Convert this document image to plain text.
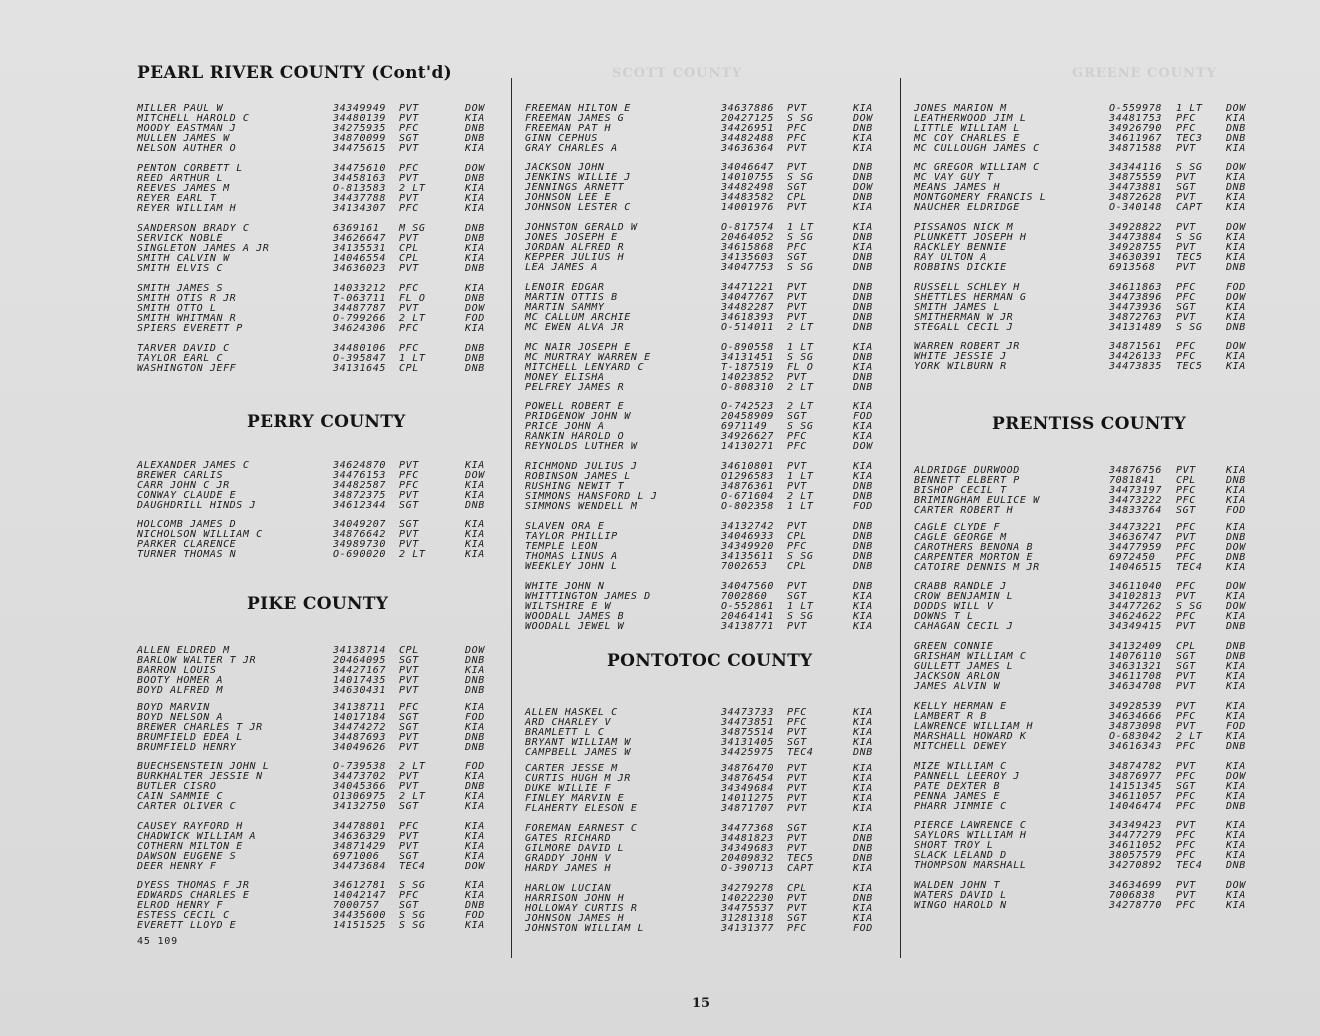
SCOTT COUNTY	GREENE COUNTY
PEARL RIVER COUNTY (Cont'd)
MILLER PAUL W	34349949 PVT	DOW
MITCHELL HAROLD C	34480139 PVT	KIA
MOODY EASTMAN J	34275935 PFC	DNB
MULLEN JAMES W	34870099 SGT	DNB
NELSON AUTHER O	34475615 PVT	KIA
PENTON CORBETT L	34475610 PFC	DOW
REED ARTHUR L	34458163 PVT	DNB
REEVES JAMES M	O-813583 2 LT	KIA
REYER EARL T	34437788 PVT	KIA
REYER WILLIAM H	34134307 PFC	KIA
SANDERSON BRADY C	6369161 M SG	DNB
SERVICK NOBLE	34626647 PVT	DNB
SINGLETON JAMES A JR	34135531 CPL	KIA
SMITH CALVIN W	14046554 CPL	KIA
SMITH ELVIS C	34636023 PVT	DNB
SMITH JAMES S	14033212 PFC	KIA
SMITH OTIS R JR	T-063711 FL O	DNB
SMITH OTTO L	34487787 PVT	DOW
SMITH WHITMAN R	O-799266 2 LT	FOD
SPIERS EVERETT P	34624306 PFC	KIA
TARVER DAVID C	34480106 PFC	DNB
TAYLOR EARL C	O-395847 1 LT	DNB
WASHINGTON JEFF	34131645 CPL	DNB
PERRY COUNTY
ALEXANDER JAMES C	34624870 PVT	KIA
BREWER CARLIS	34476153 PFC	DOW
CARR JOHN C JR	34482587 PFC	KIA
CONWAY CLAUDE E	34872375 PVT	KIA
DAUGHDRILL HINDS J	34612344 SGT	DNB
HOLCOMB JAMES D	34049207 SGT	KIA
NICHOLSON WILLIAM C	34876642 PVT	KIA
PARKER CLARENCE	34989730 PVT	KIA
TURNER THOMAS N	O-690020 2 LT	KIA
PIKE COUNTY
ALLEN ELDRED M	34138714 CPL	DOW
BARLOW WALTER T JR	20464095 SGT	DNB
BARRON LOUIS	34427167 PVT	KIA
BOOTY HOMER A	14017435 PVT	DNB
BOYD ALFRED M	34630431 PVT	DNB
BOYD MARVIN	34138711 PFC	KIA
BOYD NELSON A	14017184 SGT	FOD
BREWER CHARLES T JR	34474272 SGT	KIA
BRUMFIELD EDEA L	34487693 PVT	DNB
BRUMFIELD HENRY	34049626 PVT	DNB
BUECHSENSTEIN JOHN L	O-739538 2 LT	FOD
BURKHALTER JESSIE N	34473702 PVT	KIA
BUTLER CISRO	34045366 PVT	DNB
CAIN SAMMIE C	O1306975 2 LT	KIA
CARTER OLIVER C	34132750 SGT	KIA
CAUSEY RAYFORD H	34478801 PFC	KIA
CHADWICK WILLIAM A	34636329 PVT	KIA
COTHERN MILTON E	34871429 PVT	KIA
DAWSON EUGENE S	6971006 SGT	KIA
DEER HENRY F	34473684 TEC4	DOW
DYESS THOMAS F JR	34612781 S SG	KIA
EDWARDS CHARLES E	14042147 PFC	KIA
ELROD HENRY F	7000757 SGT	DNB
ESTESS CECIL C	34435600 S SG	FOD
EVERETT LLOYD E	14151525 S SG	KIA
FREEMAN HILTON E	34637886 PVT	KIA
FREEMAN JAMES G	20427125 S SG	DOW
FREEMAN PAT H	34426951 PFC	DNB
GINN CEPHUS	34482488 PFC	KIA
GRAY CHARLES A	34636364 PVT	KIA
JACKSON JOHN	34046647 PVT	DNB
JENKINS WILLIE J	14010755 S SG	DNB
JENNINGS ARNETT	34482498 SGT	DOW
JOHNSON LEE E	34483582 CPL	DNB
JOHNSON LESTER C	14001976 PVT	KIA
JOHNSTON GERALD W	O-817574 1 LT	KIA
JONES JOSEPH E	20464052 S SG	DNB
JORDAN ALFRED R	34615868 PFC	KIA
KEPPER JULIUS H	34135603 SGT	DNB
LEA JAMES A	34047753 S SG	DNB
LENOIR EDGAR	34471221 PVT	DNB
MARTIN OTTIS B	34047767 PVT	DNB
MARTIN SAMMY	34482287 PVT	DNB
MC CALLUM ARCHIE	34618393 PVT	DNB
MC EWEN ALVA JR	O-514011 2 LT	DNB
MC NAIR JOSEPH E	O-890558 1 LT	KIA
MC MURTRAY WARREN E	34131451 S SG	DNB
MITCHELL LENYARD C	T-187519 FL O	KIA
MONEY ELISHA	14023852 PVT	DNB
PELFREY JAMES R	O-808310 2 LT	DNB
POWELL ROBERT E	O-742523 2 LT	KIA
PRIDGENOW JOHN W	20458909 SGT	FOD
PRICE JOHN A	6971149 S SG	KIA
RANKIN HAROLD O	34926627 PFC	KIA
REYNOLDS LUTHER W	14130271 PFC	DOW
RICHMOND JULIUS J	34610801 PVT	KIA
ROBINSON JAMES L	O1296583 1 LT	KIA
RUSHING NEWIT T	34876361 PVT	DNB
SIMMONS HANSFORD L J	O-671604 2 LT	DNB
SIMMONS WENDELL M	O-802358 1 LT	FOD
SLAVEN ORA E	34132742 PVT	DNB
TAYLOR PHILLIP	34046933 CPL	DNB
TEMPLE LEON	34349920 PFC	DNB
THOMAS LINUS A	34135611 S SG	DNB
WEEKLEY JOHN L	7002653 CPL	DNB
WHITE JOHN N	34047560 PVT	DNB
WHITTINGTON JAMES D	7002860 SGT	KIA
WILTSHIRE E W	O-552861 1 LT	KIA
WOODALL JAMES B	20464141 S SG	KIA
WOODALL JEWEL W	34138771 PVT	KIA
PONTOTOC COUNTY
ALLEN HASKEL C	34473733 PFC	KIA
ARD CHARLEY V	34473851 PFC	KIA
BRAMLETT L C	34875514 PVT	KIA
BRYANT WILLIAM W	34131405 SGT	KIA
CAMPBELL JAMES W	34425975 TEC4	DNB
CARTER JESSE M	34876470 PVT	KIA
CURTIS HUGH M JR	34876454 PVT	KIA
DUKE WILLIE F	34349684 PVT	KIA
FINLEY MARVIN E	14011275 PVT	KIA
FLAHERTY ELESON E	34871707 PVT	KIA
FOREMAN EARNEST C	34477368 SGT	KIA
GATES RICHARD	34481823 PVT	DNB
GILMORE DAVID L	34349683 PVT	DNB
GRADDY JOHN V	20409832 TEC5	DNB
HARDY JAMES H	O-390713 CAPT	KIA
HARLOW LUCIAN	34279278 CPL	KIA
HARRISON JOHN H	14022230 PVT	DNB
HOLLOWAY CURTIS R	34475537 PVT	KIA
JOHNSON JAMES H	31281318 SGT	KIA
JOHNSTON WILLIAM L	34131377 PFC	FOD
JONES MARION M	O-559978 1 LT DOW
LEATHERWOOD JIM L	34481753 PFC	KIA
LITTLE WILLIAM L	34926790 PFC	DNB
MC COY CHARLES E	34611967 TEC3 DNB
MC CULLOUGH JAMES C	34871588 PVT	KIA
MC GREGOR WILLIAM C	34344116 S SG DOW
MC VAY GUY T	34875559 PVT	KIA
MEANS JAMES H	34473881 SGT	DNB
MONTGOMERY FRANCIS L	34872628 PVT	KIA
NAUCHER ELDRIDGE	O-340148 CAPT KIA
PISSANOS NICK M	34928822 PVT	DOW
PLUNKETT JOSEPH H	34473884 S SG KIA
RACKLEY BENNIE	34928755 PVT	KIA
RAY ULTON A	34630391 TEC5 KIA
ROBBINS DICKIE	6913568 PVT	DNB
RUSSELL SCHLEY H	34611863 PFC	FOD
SHETTLES HERMAN G	34473896 PFC	DOW
SMITH JAMES L	34473936 SGT	KIA
SMITHERMAN W JR	34872763 PVT	KIA
STEGALL CECIL J	34131489 S SG DNB
WARREN ROBERT JR	34871561 PFC	DOW
WHITE JESSIE J	34426133 PFC	KIA
YORK WILBURN R	34473835 TEC5 KIA
PRENTISS COUNTY
ALDRIDGE DURWOOD	34876756 PVT	KIA
BENNETT ELBERT P	7081841 CPL	DNB
BISHOP CECIL T	34473197 PFC	KIA
BRIMINGHAM EULICE W	34473222 PFC	KIA
CARTER ROBERT H	34833764 SGT	FOD
CAGLE CLYDE F	34473221 PFC	KIA
CAGLE GEORGE M	34636747 PVT	DNB
CAROTHERS BENONA B	34477959 PFC	DOW
CARPENTER MORTON E	6972450 PFC	DNB
CATOIRE DENNIS M JR	14046515 TEC4 KIA
CRABB RANDLE J	34611040 PFC	DOW
CROW BENJAMIN L	34102813 PVT	KIA
DODDS WILL V	34477262 S SG DOW
DOWNS T L	34624622 PFC	KIA
CAHAGAN CECIL J	34349415 PVT	DNB
GREEN CONNIE	34132409 CPL	DNB
GRISHAM WILLIAM C	14076110 SGT	DNB
GULLETT JAMES L	34631321 SGT	KIA
JACKSON ARLON	34611708 PVT	KIA
JAMES ALVIN W	34634708 PVT	KIA
KELLY HERMAN E	34928539 PVT	KIA
LAMBERT R B	34634666 PFC	KIA
LAWRENCE WILLIAM H	34873098 PVT	FOD
MARSHALL HOWARD K	O-683042 2 LT KIA
MITCHELL DEWEY	34616343 PFC	DNB
MIZE WILLIAM C	34874782 PVT	KIA
PANNELL LEEROY J	34876977 PFC	DOW
PATE DEXTER B	14151345 SGT	KIA
PENNA JAMES E	34611057 PFC	KIA
PHARR JIMMIE C	14046474 PFC	DNB
PIERCE LAWRENCE C	34349423 PVT	KIA
SAYLORS WILLIAM H	34477279 PFC	KIA
SHORT TROY L	34611052 PFC	KIA
SLACK LELAND D	38057579 PFC	KIA
THOMPSON MARSHALL	34270892 TEC4 DNB
WALDEN JOHN T	34634699 PVT	DOW
WATERS DAVID L	7006838 PVT	KIA
WINGO HAROLD N	34278770 PFC	KIA
45 109
15
